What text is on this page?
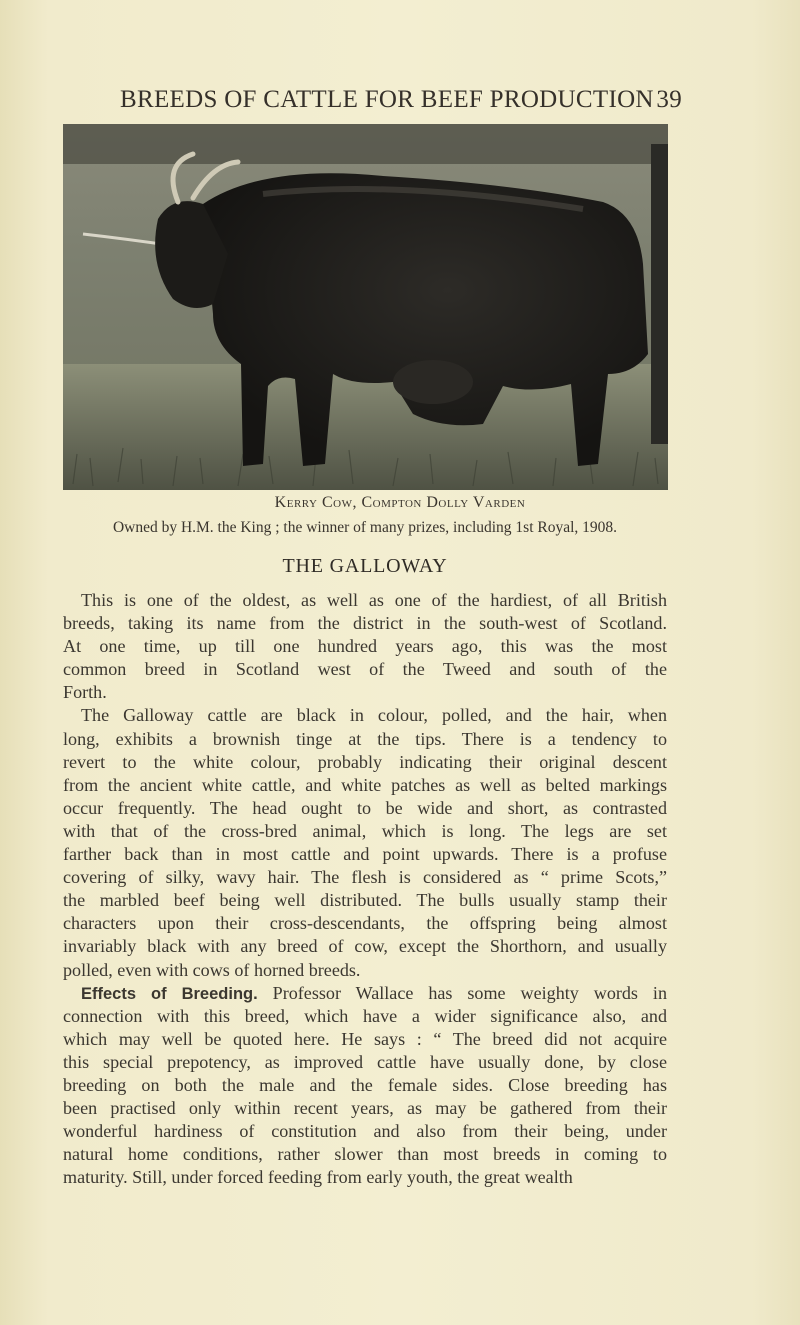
BREEDS OF CATTLE FOR BEEF PRODUCTION 39
Kerry Cow, Compton Dolly Varden
Owned by H.M. the King ; the winner of many prizes, including 1st Royal, 1908.
THE GALLOWAY
This is one of the oldest, as well as one of the hardiest, of all British
breeds, taking its name from the district in the south-west of Scotland.
At one time, up till one hundred years ago, this was the most
common breed in Scotland west of the Tweed and south of the
Forth.
The Galloway cattle are black in colour, polled, and the hair, when
long, exhibits a brownish tinge at the tips. There is a tendency to
revert to the white colour, probably indicating their original descent
from the ancient white cattle, and white patches as well as belted markings
occur frequently. The head ought to be wide and short, as contrasted
with that of the cross-bred animal, which is long. The legs are set
farther back than in most cattle and point upwards. There is a profuse
covering of silky, wavy hair. The flesh is considered as “ prime Scots,”
the marbled beef being well distributed. The bulls usually stamp their
characters upon their cross-descendants, the offspring being almost
invariably black with any breed of cow, except the Shorthorn, and usually
polled, even with cows of horned breeds.
Effects of Breeding. Professor Wallace has some weighty words in
connection with this breed, which have a wider significance also, and
which may well be quoted here. He says : “ The breed did not acquire
this special prepotency, as improved cattle have usually done, by close
breeding on both the male and the female sides. Close breeding has
been practised only within recent years, as may be gathered from their
wonderful hardiness of constitution and also from their being, under
natural home conditions, rather slower than most breeds in coming to
maturity. Still, under forced feeding from early youth, the great wealth
